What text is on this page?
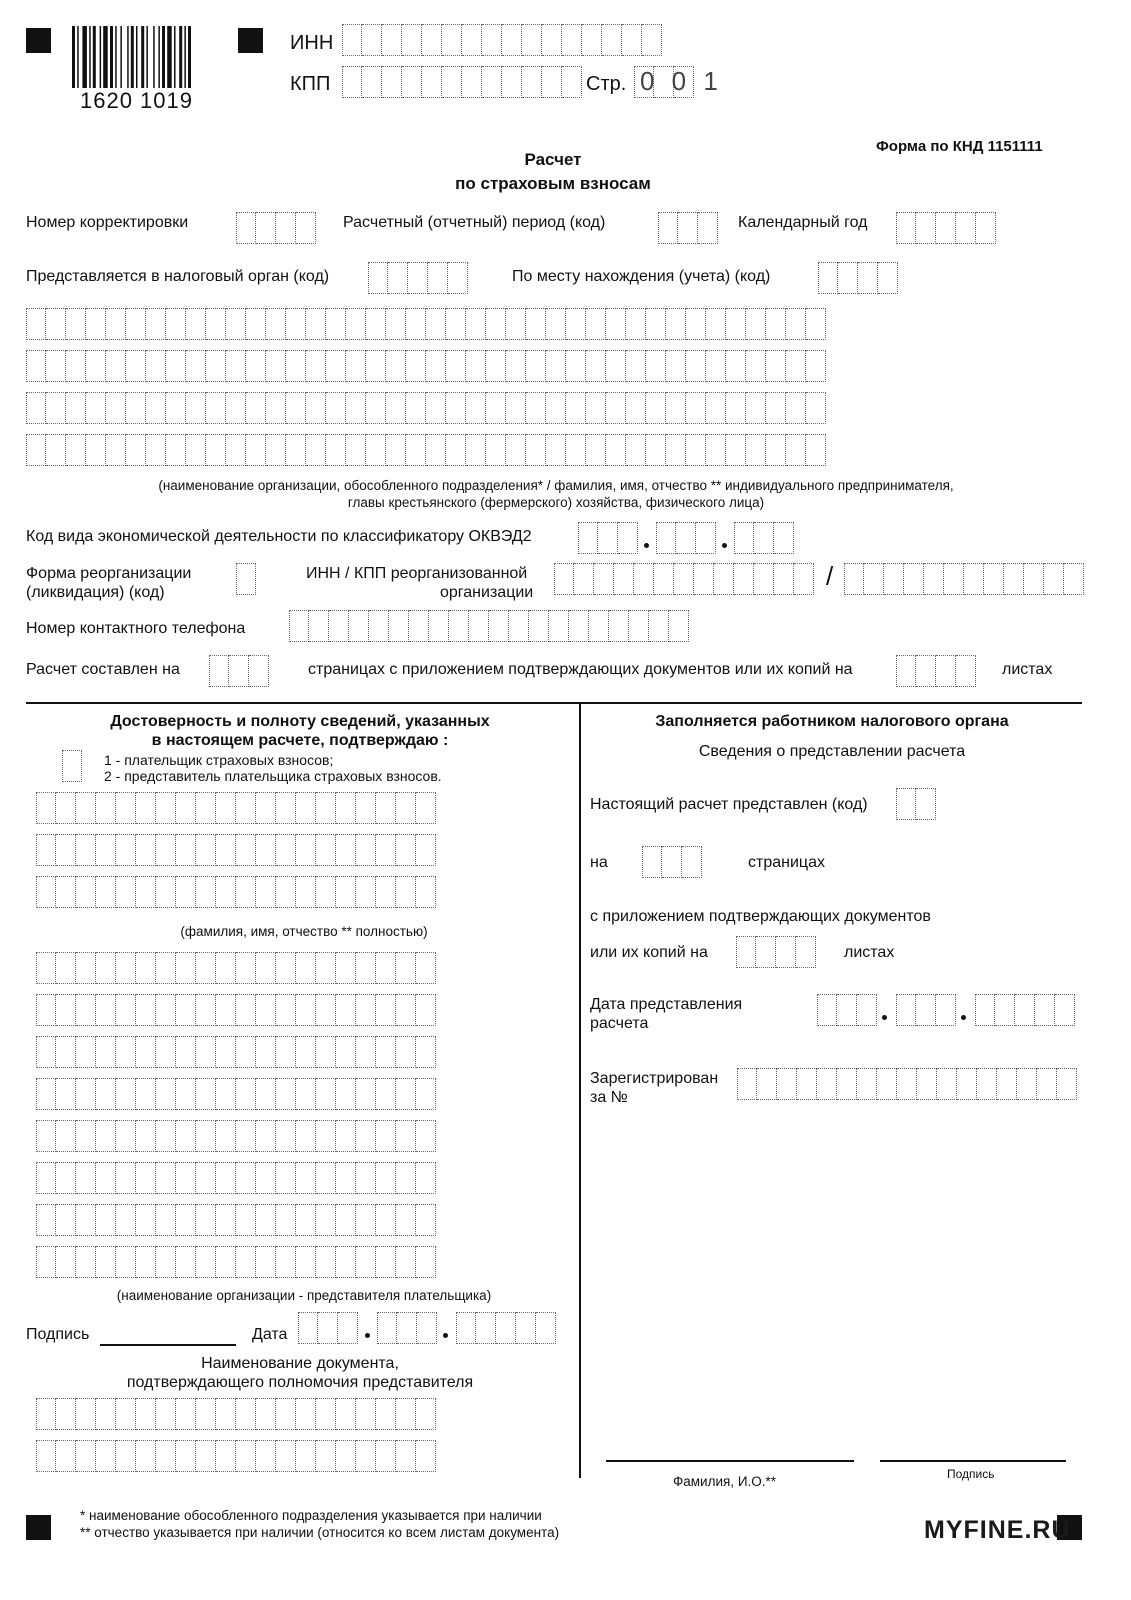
1620 1019
ИНН
КПП	Стр. 0 0 1
Форма по КНД 1151111
Расчет
по страховым взносам
Номер корректировки	Расчетный (отчетный) период (код)	Календарный год
Представляется в налоговый орган (код)	По месту нахождения (учета) (код)
(наименование организации, обособленного подразделения* / фамилия, имя, отчество ** индивидуального предпринимателя,
главы крестьянского (фермерского) хозяйства, физического лица)
Код вида экономической деятельности по классификатору ОКВЭД2
Форма реорганизации
(ликвидация) (код)
ИНН / КПП реорганизованной
организации
/
Номер контактного телефона
Расчет составлен на	страницах с приложением подтверждающих документов или их копий на	листах
Достоверность и полноту сведений, указанных
в настоящем расчете, подтверждаю :
1 - плательщик страховых взносов;
2 - представитель плательщика страховых взносов.
(фамилия, имя, отчество ** полностью)
(наименование организации - представителя плательщика)
Подпись	Дата
Наименование документа,
подтверждающего полномочия представителя
Заполняется работником налогового органа
Сведения о представлении расчета
Настоящий расчет представлен (код)
на	страницах
с приложением подтверждающих документов
или их копий на	листах
Дата представления
расчета
Зарегистрирован
за №
Фамилия, И.О.**	Подпись
* наименование обособленного подразделения указывается при наличии
** отчество указывается при наличии (относится ко всем листам документа)	MYFINE.RU
